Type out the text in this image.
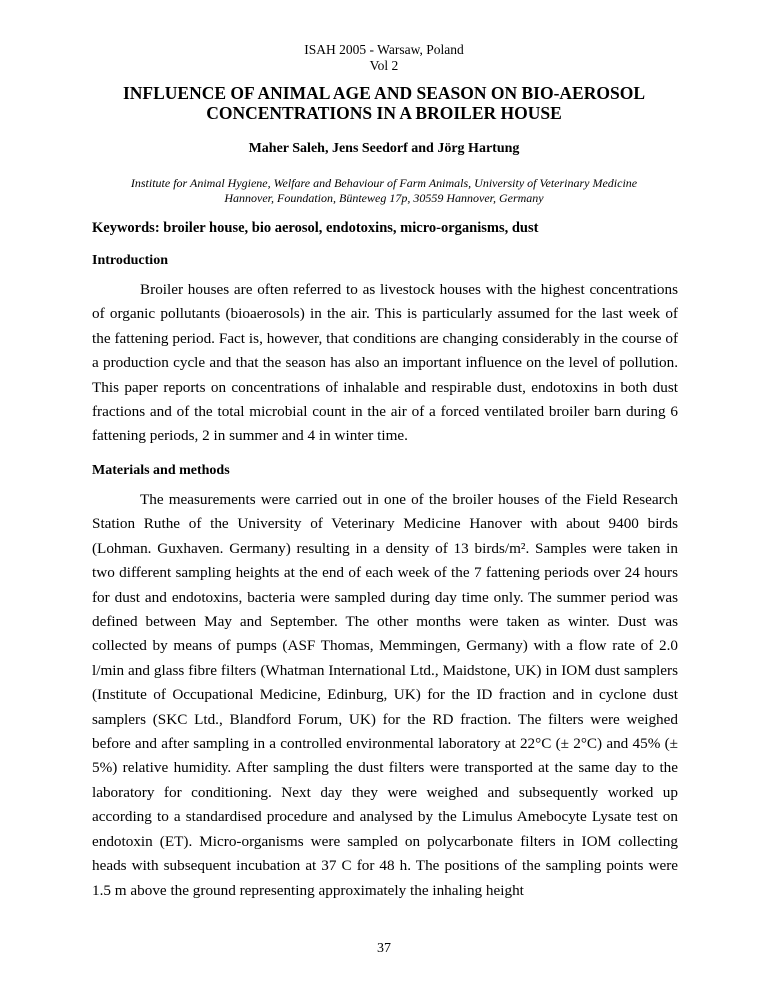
ISAH 2005 - Warsaw, Poland
Vol 2
INFLUENCE OF ANIMAL AGE AND SEASON ON BIO-AEROSOL
CONCENTRATIONS IN A BROILER HOUSE
Maher Saleh, Jens Seedorf and Jörg Hartung
Institute for Animal Hygiene, Welfare and Behaviour of Farm Animals, University of Veterinary Medicine
Hannover, Foundation, Bünteweg 17p, 30559 Hannover, Germany
Keywords: broiler house, bio aerosol, endotoxins, micro-organisms, dust
Introduction
Broiler houses are often referred to as livestock houses with the highest concentrations of organic pollutants (bioaerosols) in the air. This is particularly assumed for the last week of the fattening period. Fact is, however, that conditions are changing considerably in the course of a production cycle and that the season has also an important influence on the level of pollution. This paper reports on concentrations of inhalable and respirable dust, endotoxins in both dust fractions and of the total microbial count in the air of a forced ventilated broiler barn during 6 fattening periods, 2 in summer and 4 in winter time.
Materials and methods
The measurements were carried out in one of the broiler houses of the Field Research Station Ruthe of the University of Veterinary Medicine Hanover with about 9400 birds (Lohman. Guxhaven. Germany) resulting in a density of 13 birds/m². Samples were taken in two different sampling heights at the end of each week of the 7 fattening periods over 24 hours for dust and endotoxins, bacteria were sampled during day time only. The summer period was defined between May and September. The other months were taken as winter. Dust was collected by means of pumps (ASF Thomas, Memmingen, Germany) with a flow rate of 2.0 l/min and glass fibre filters (Whatman International Ltd., Maidstone, UK) in IOM dust samplers (Institute of Occupational Medicine, Edinburg, UK) for the ID fraction and in cyclone dust samplers (SKC Ltd., Blandford Forum, UK) for the RD fraction. The filters were weighed before and after sampling in a controlled environmental laboratory at 22°C (± 2°C) and 45% (± 5%) relative humidity. After sampling the dust filters were transported at the same day to the laboratory for conditioning. Next day they were weighed and subsequently worked up according to a standardised procedure and analysed by the Limulus Amebocyte Lysate test on endotoxin (ET). Micro-organisms were sampled on polycarbonate filters in IOM collecting heads with subsequent incubation at 37 C for 48 h. The positions of the sampling points were 1.5 m above the ground representing approximately the inhaling height
37
